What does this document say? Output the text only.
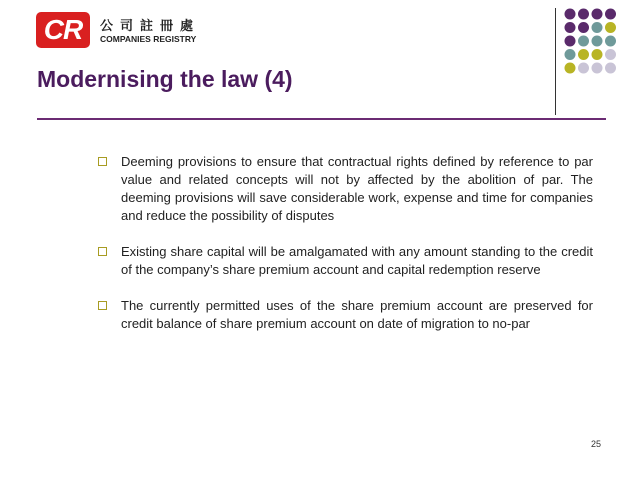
CR	公司註冊處
COMPANIES REGISTRY
Modernising the law (4)
Deeming provisions to ensure that contractual rights defined by reference to par value and related concepts will not by affected by the abolition of par. The deeming provisions will save considerable work, expense and time for companies and reduce the possibility of disputes
Existing share capital will be amalgamated with any amount standing to the credit of the company’s share premium account and capital redemption reserve
The currently permitted uses of the share premium account are preserved for credit balance of share premium account on date of migration to no-par
25
